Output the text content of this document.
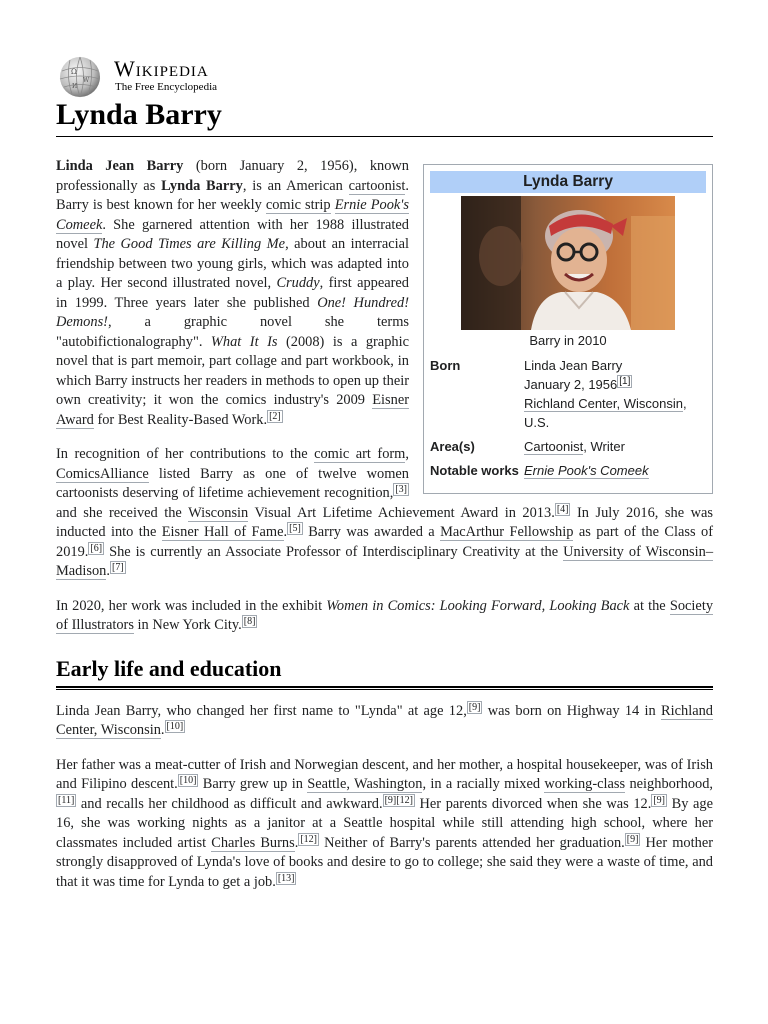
Ω
W
И
Wikipedia
The Free Encyclopedia
Lynda Barry
Lynda Barry
Barry in 2010
Born	Linda Jean Barry
January 2, 1956 [1]
Richland Center, Wisconsin,
U.S.
Area(s)	Cartoonist, Writer
Notable works Ernie Pook's Comeek

Linda Jean Barry (born January 2, 1956), known professionally as Lynda Barry, is an American cartoonist. Barry is best known for her weekly comic strip Ernie Pook's Comeek. She garnered attention with her 1988 illustrated novel The Good Times are Killing Me, about an interracial friendship between two young girls, which was adapted into a play. Her second illustrated novel, Cruddy, first appeared in 1999. Three years later she published One! Hundred! Demons!, a graphic novel she terms "autobifictionalography". What It Is (2008) is a graphic novel that is part memoir, part collage and part workbook, in which Barry instructs her readers in methods to open up their own creativity; it won the comics industry's 2009 Eisner Award for Best Reality-Based Work. [2]

In recognition of her contributions to the comic art form, ComicsAlliance listed Barry as one of twelve women cartoonists deserving of lifetime achievement recognition, [3] and she received the Wisconsin Visual Art Lifetime Achievement Award in 2013. [4] In July 2016, she was inducted into the Eisner Hall of Fame. [5] Barry was awarded a MacArthur Fellowship as part of the Class of 2019. [6] She is currently an Associate Professor of Interdisciplinary Creativity at the University of Wisconsin–Madison. [7]

In 2020, her work was included in the exhibit Women in Comics: Looking Forward, Looking Back at the Society of Illustrators in New York City. [8]

Early life and education

Linda Jean Barry, who changed her first name to "Lynda" at age 12, [9] was born on Highway 14 in Richland Center, Wisconsin. [10]

Her father was a meat-cutter of Irish and Norwegian descent, and her mother, a hospital housekeeper, was of Irish and Filipino descent. [10] Barry grew up in Seattle, Washington, in a racially mixed working-class neighborhood,[11] and recalls her childhood as difficult and awkward. [9][12] Her parents divorced when she was 12. [9] By age 16, she was working nights as a janitor at a Seattle hospital while still attending high school, where her classmates included artist Charles Burns. [12] Neither of Barry's parents attended her graduation. [9] Her mother strongly disapproved of Lynda's love of books and desire to go to college; she said they were a waste of time, and that it was time for Lynda to get a job. [13]
